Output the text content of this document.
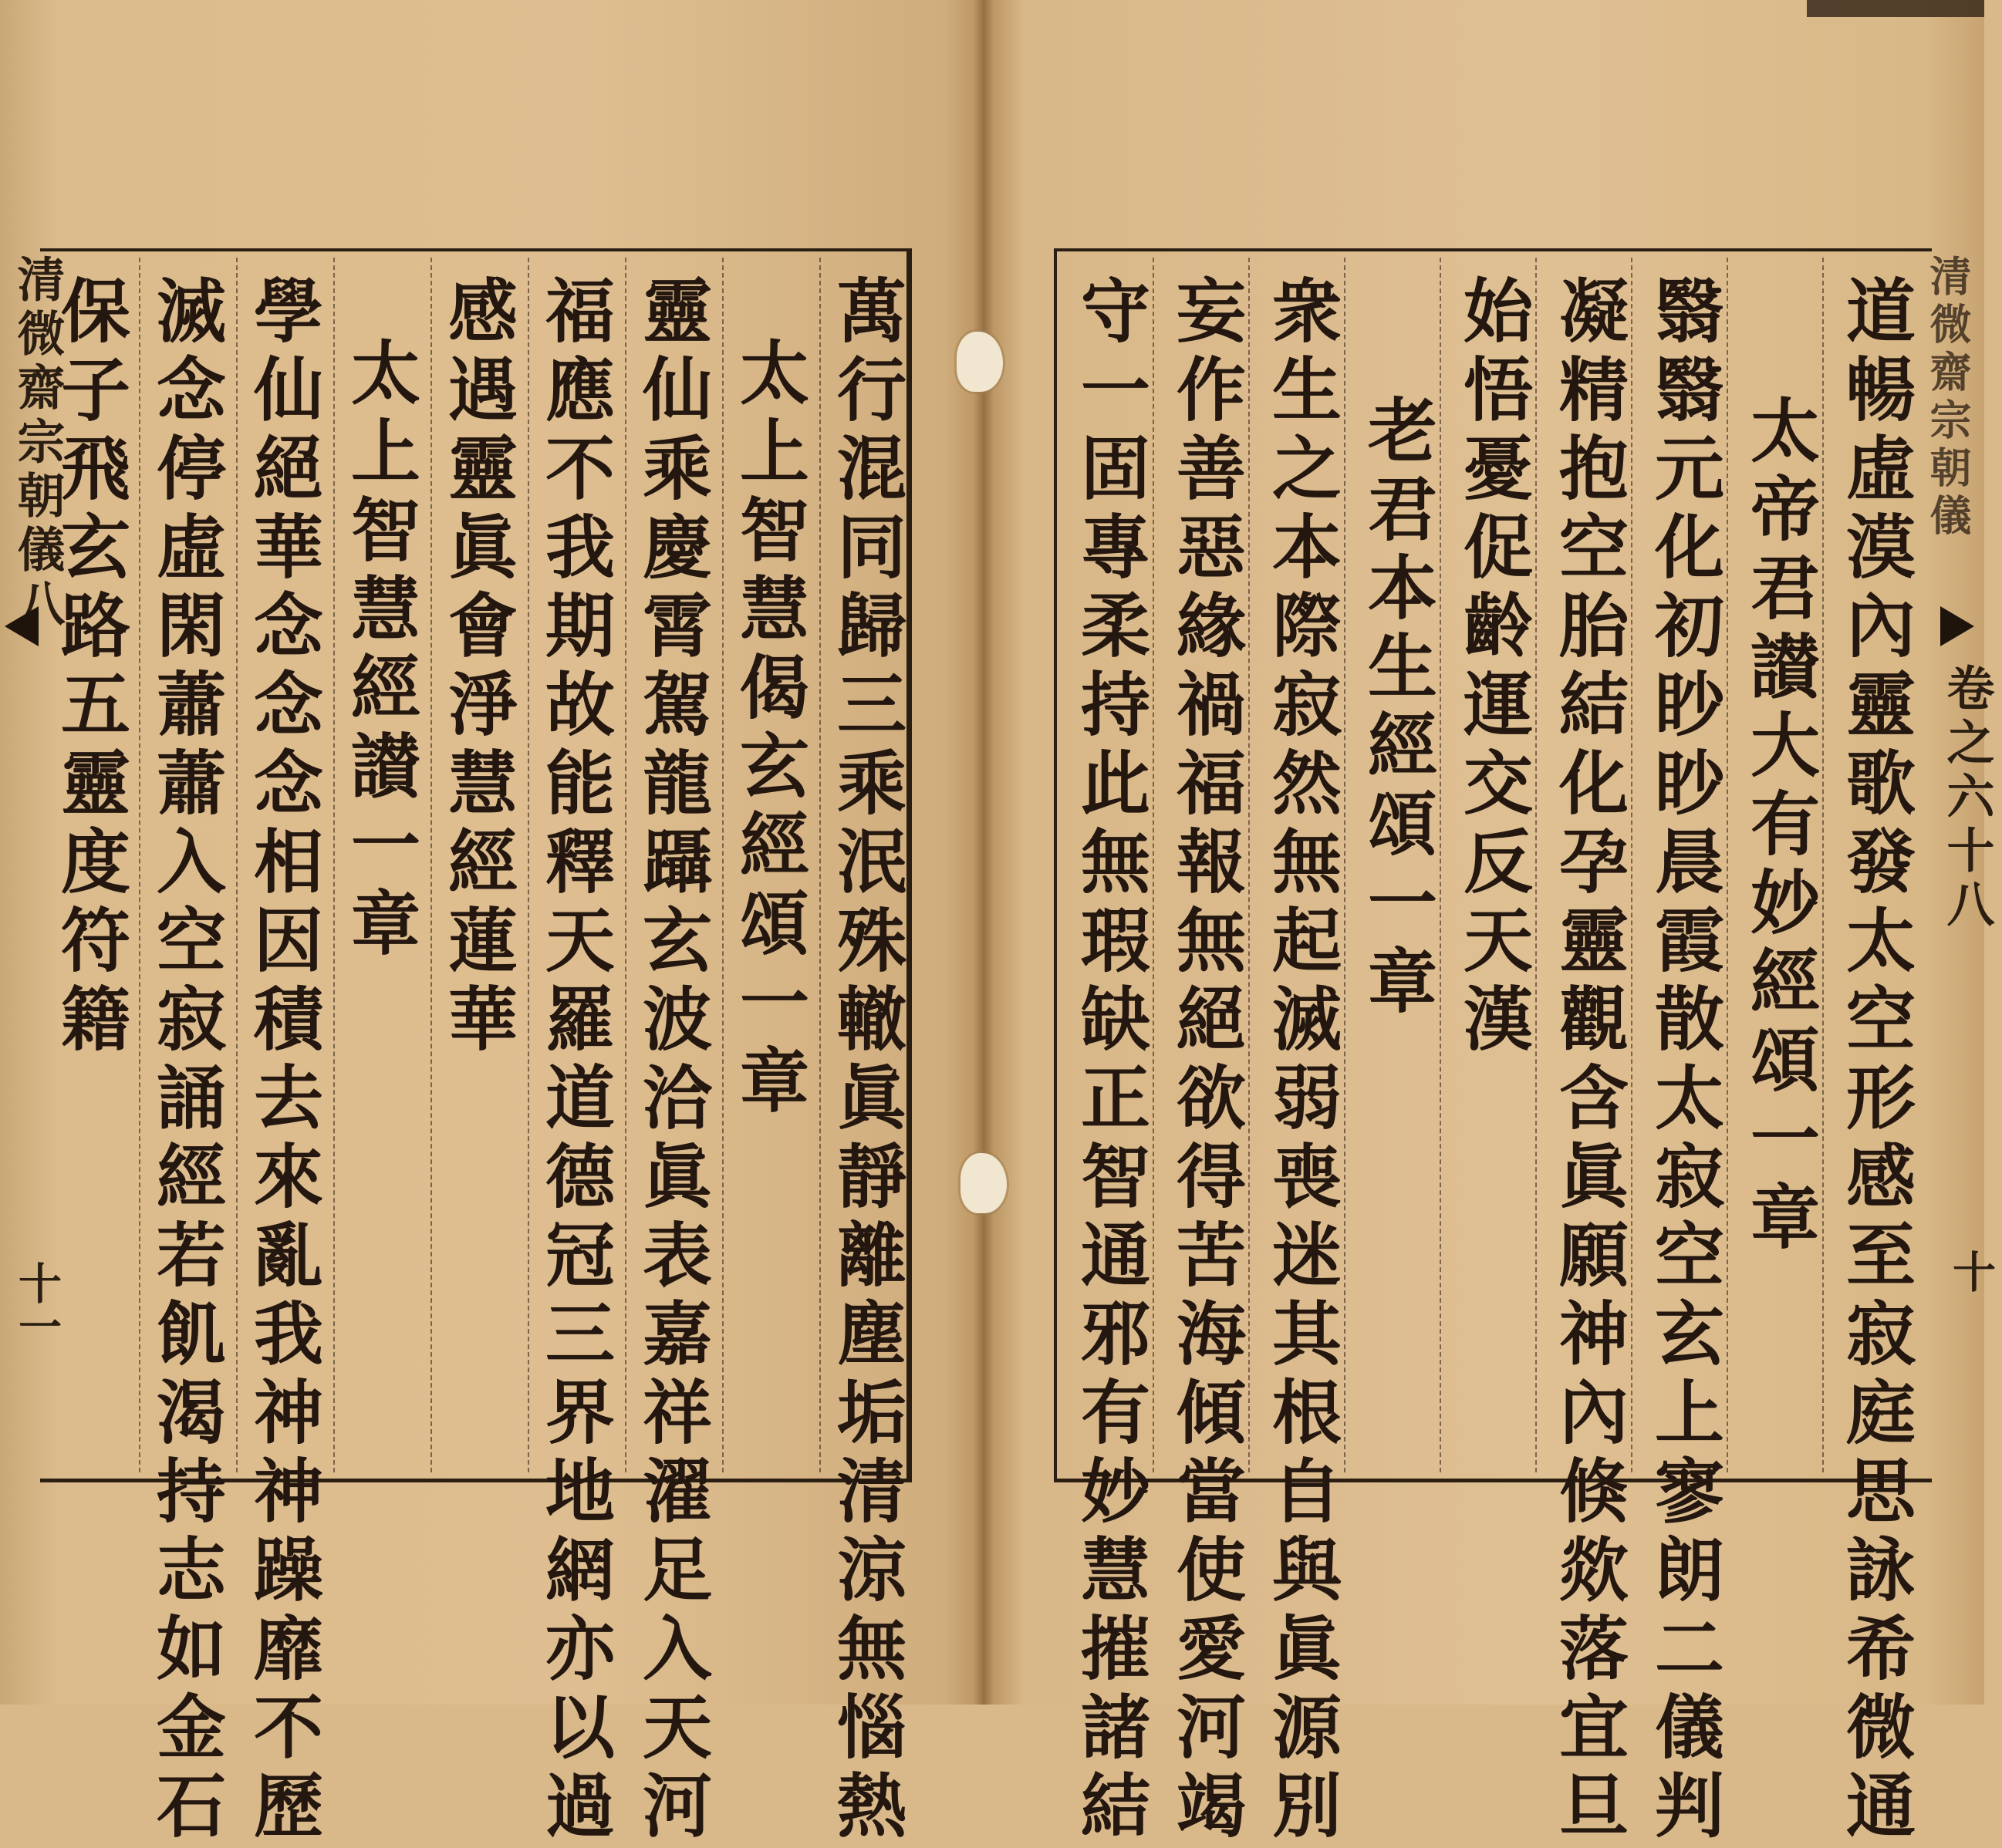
清微齋宗朝儀八
十一	萬行混同歸三乘泯殊轍眞靜離塵垢清涼無惱熱
太上智慧偈玄經頌一章
靈仙乘慶霄駕龍躡玄波洽眞表嘉祥濯足入天河
福應不我期故能釋天羅道德冠三界地網亦以過
感遇靈眞會淨慧經蓮華
太上智慧經讃一章
學仙絕華念念念相因積去來亂我神神躁靡不歷
滅念停虛閑蕭蕭入空寂誦經若飢渴持志如金石
保子飛玄路五靈度符籍	清微齋宗朝儀
卷之六十八
十
道暢虛漠內靈歌發太空形感至寂庭思詠希微通
太帝君讃大有妙經頌一章
翳翳元化初眇眇晨霞散太寂空玄上寥朗二儀判
凝精抱空胎結化孕靈觀含眞願神內倏欻落宜旦
始悟憂促齡運交反天漢
老君本生經頌一章
衆生之本際寂然無起滅弱喪迷其根自與眞源別
妄作善惡緣禍福報無絕欲得苦海傾當使愛河竭
守一固專柔持此無瑕缺正智通邪有妙慧摧諸結
